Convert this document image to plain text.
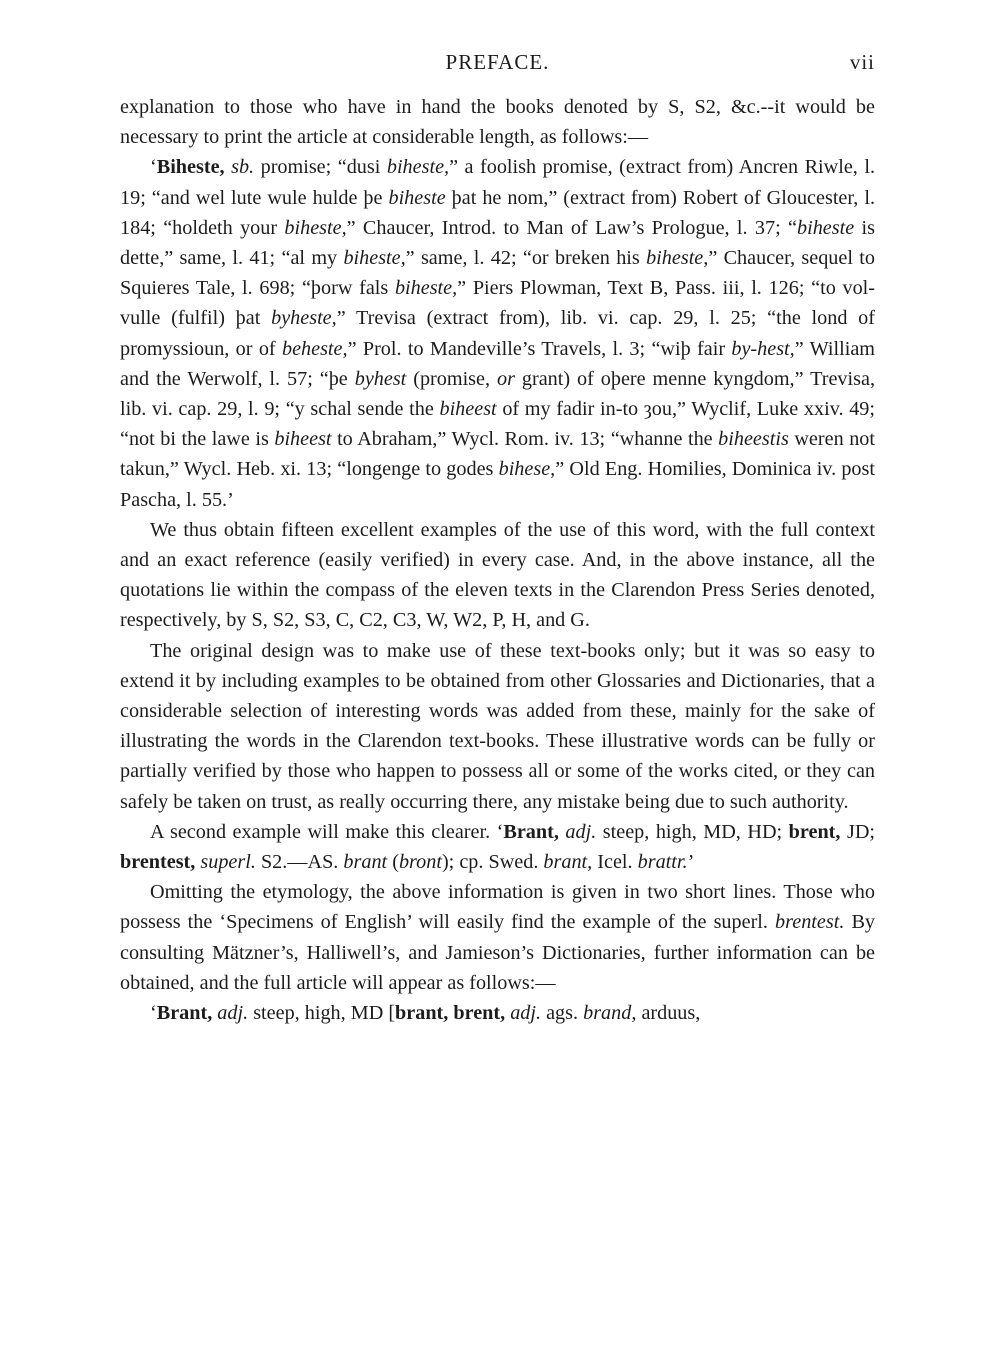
PREFACE.	vii

explanation to those who have in hand the books denoted by S, S2, &c.--it would be necessary to print the article at considerable length, as follows:—

‘Biheste, sb. promise; “dusi biheste,” a foolish promise, (extract from) Ancren Riwle, l. 19; “and wel lute wule hulde þe biheste þat he nom,” (extract from) Robert of Gloucester, l. 184; “holdeth your biheste,” Chaucer, Introd. to Man of Law’s Prologue, l. 37; “biheste is dette,” same, l. 41; “al my biheste,” same, l. 42; “or breken his biheste,” Chaucer, sequel to Squieres Tale, l. 698; “þorw fals biheste,” Piers Plowman, Text B, Pass. iii, l. 126; “to vol-vulle (fulfil) þat byheste,” Trevisa (extract from), lib. vi. cap. 29, l. 25; “the lond of promyssioun, or of beheste,” Prol. to Mandeville’s Travels, l. 3; “wiþ fair by-hest,” William and the Werwolf, l. 57; “þe byhest (promise, or grant) of oþere menne kyngdom,” Trevisa, lib. vi. cap. 29, l. 9; “y schal sende the biheest of my fadir in-to ȝou,” Wyclif, Luke xxiv. 49; “not bi the lawe is biheest to Abraham,” Wycl. Rom. iv. 13; “whanne the biheestis weren not takun,” Wycl. Heb. xi. 13; “longenge to godes bihese,” Old Eng. Homilies, Dominica iv. post Pascha, l. 55.’

We thus obtain fifteen excellent examples of the use of this word, with the full context and an exact reference (easily verified) in every case. And, in the above instance, all the quotations lie within the compass of the eleven texts in the Clarendon Press Series denoted, respectively, by S, S2, S3, C, C2, C3, W, W2, P, H, and G.

The original design was to make use of these text-books only; but it was so easy to extend it by including examples to be obtained from other Glossaries and Dictionaries, that a considerable selection of interesting words was added from these, mainly for the sake of illustrating the words in the Clarendon text-books. These illustrative words can be fully or partially verified by those who happen to possess all or some of the works cited, or they can safely be taken on trust, as really occurring there, any mistake being due to such authority.

A second example will make this clearer. ‘Brant, adj. steep, high, MD, HD; brent, JD; brentest, superl. S2.—AS. brant (bront); cp. Swed. brant, Icel. brattr.’

Omitting the etymology, the above information is given in two short lines. Those who possess the ‘Specimens of English’ will easily find the example of the superl. brentest. By consulting Mätzner’s, Halliwell’s, and Jamieson’s Dictionaries, further information can be obtained, and the full article will appear as follows:—

‘Brant, adj. steep, high, MD [brant, brent, adj. ags. brand, arduus,
